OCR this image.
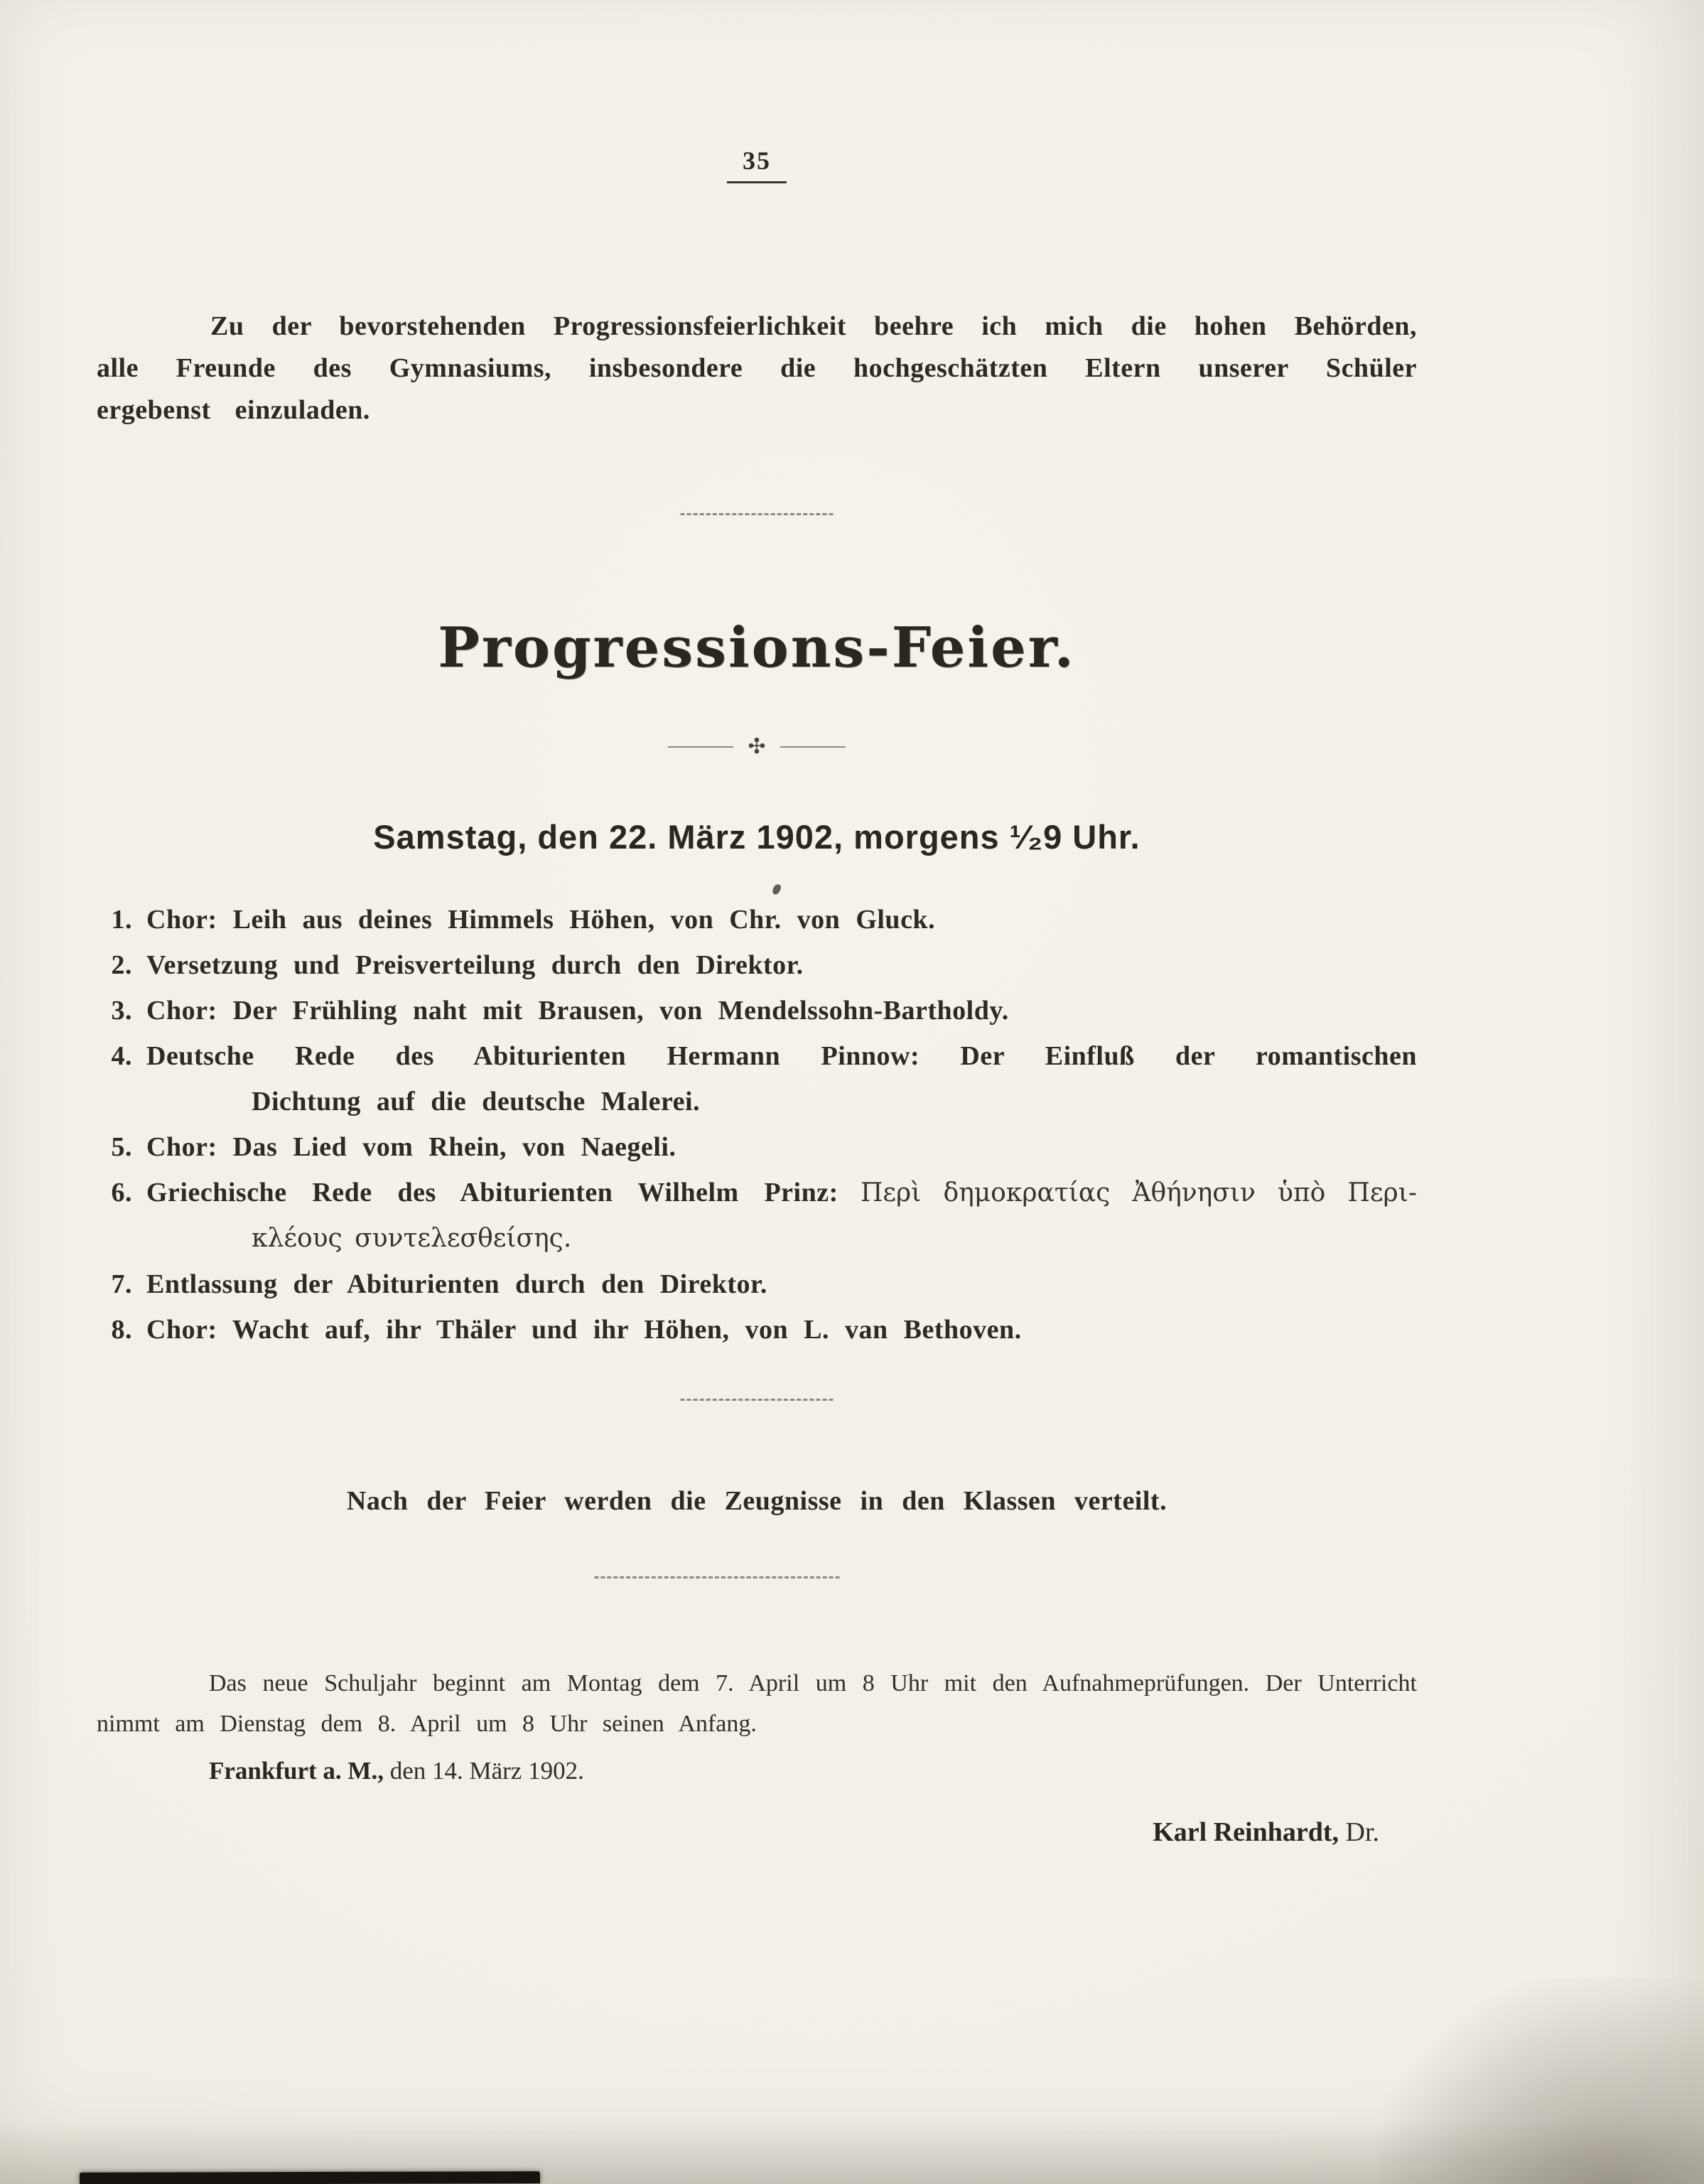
35

Zu der bevorstehenden Progressionsfeierlichkeit beehre ich mich die hohen Behörden, alle Freunde des Gymnasiums, insbesondere die hochgeschätzten Eltern unserer Schüler ergebenst einzuladen.

Progressions-Feier.
✣
Samstag, den 22. März 1902, morgens ¹⁄₂9 Uhr.
1. Chor: Leih aus deines Himmels Höhen, von Chr. von Gluck.
2. Versetzung und Preisverteilung durch den Direktor.
3. Chor: Der Frühling naht mit Brausen, von Mendelssohn-Bartholdy.
4. Deutsche Rede des Abiturienten Hermann Pinnow: Der Einfluß der romantischen
Dichtung auf die deutsche Malerei.
5. Chor: Das Lied vom Rhein, von Naegeli.
6. Griechische Rede des Abiturienten Wilhelm Prinz: Περὶ δημοκρατίας Ἀθήνησιν ὑπὸ Περι-
κλέους συντελεσθείσης.
7. Entlassung der Abiturienten durch den Direktor.
8. Chor: Wacht auf, ihr Thäler und ihr Höhen, von L. van Bethoven.

Nach der Feier werden die Zeugnisse in den Klassen verteilt.

Das neue Schuljahr beginnt am Montag dem 7. April um 8 Uhr mit den Aufnahmeprüfungen. Der Unterricht nimmt am Dienstag dem 8. April um 8 Uhr seinen Anfang.

Frankfurt a. M., den 14. März 1902.

Karl Reinhardt, Dr.
